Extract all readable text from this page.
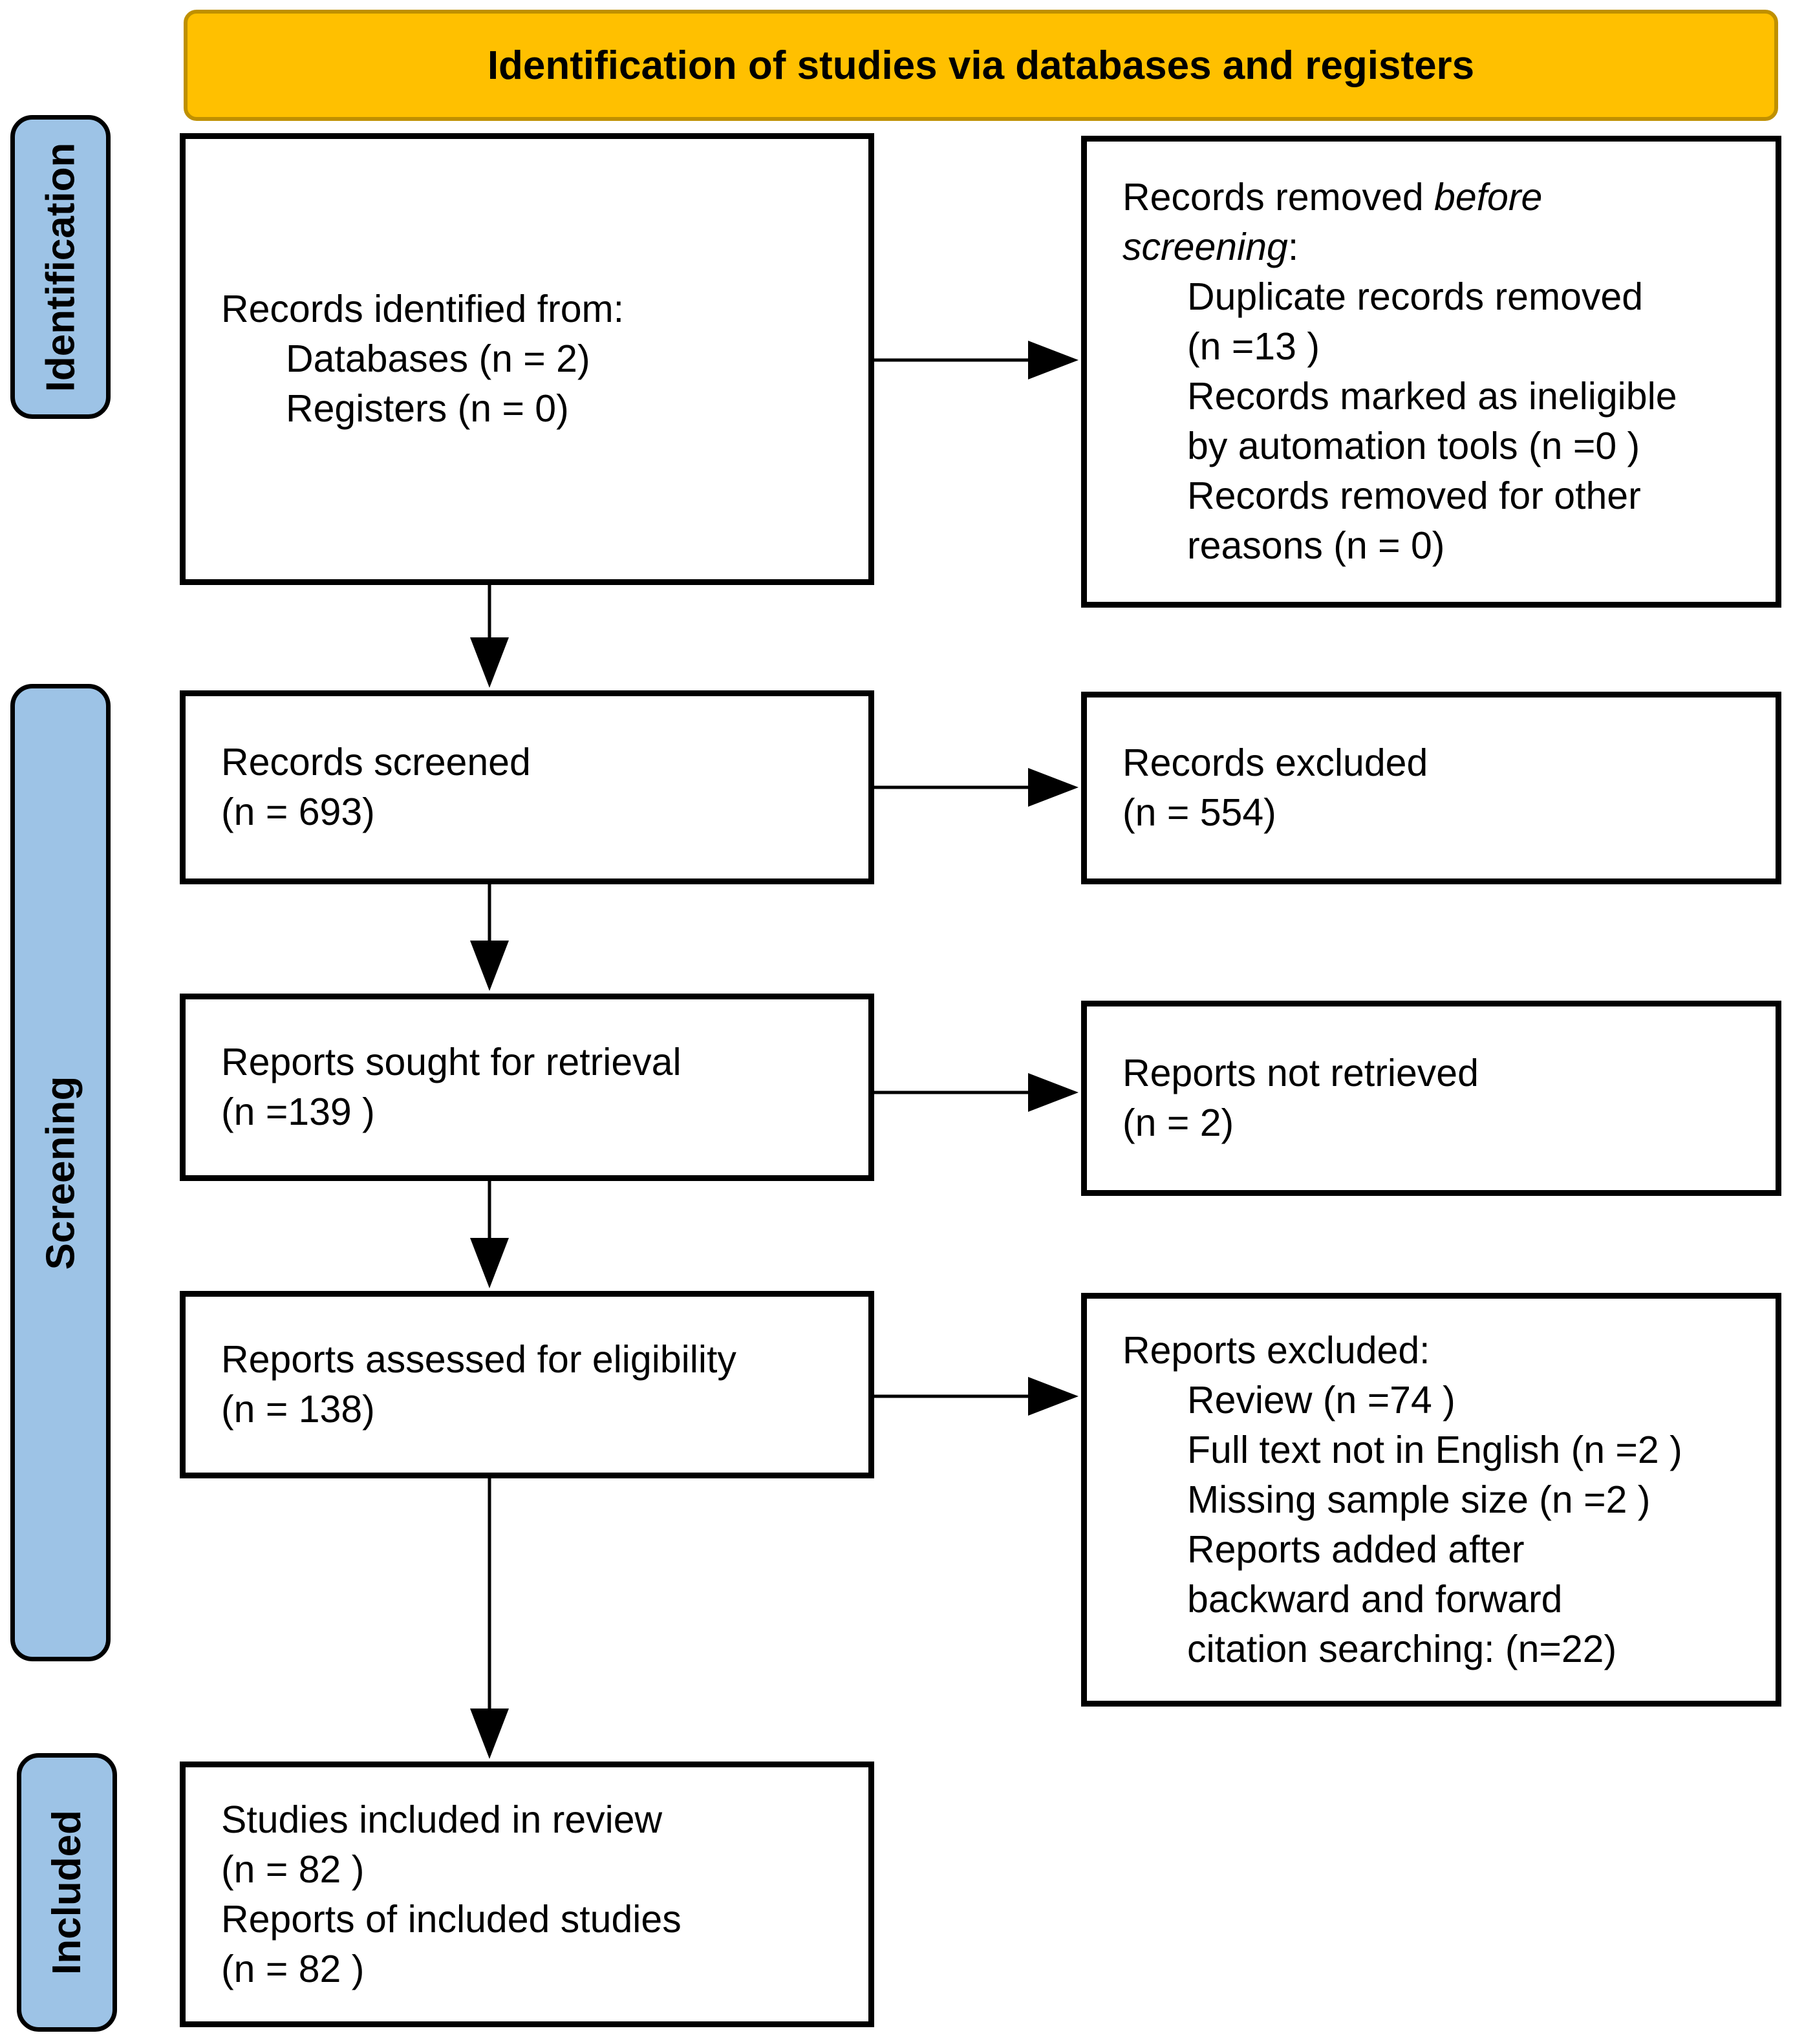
Identification of studies via databases and registers
Identification
Screening
Included
Records identified from:
Databases (n = 2)
Registers (n = 0)
Records screened
(n = 693)
Reports sought for retrieval
(n =139 )
Reports assessed for eligibility
(n = 138)
Studies included in review
(n = 82 )
Reports of included studies
(n = 82 )
Records removed before
screening:
Duplicate records removed
(n =13 )
Records marked as ineligible
by automation tools (n =0 )
Records removed for other
reasons (n = 0)
Records excluded
(n = 554)
Reports not retrieved
(n = 2)
Reports excluded:
Review (n =74 )
Full text not in English (n =2 )
Missing sample size (n =2 )
Reports added after
backward and forward
citation searching: (n=22)
